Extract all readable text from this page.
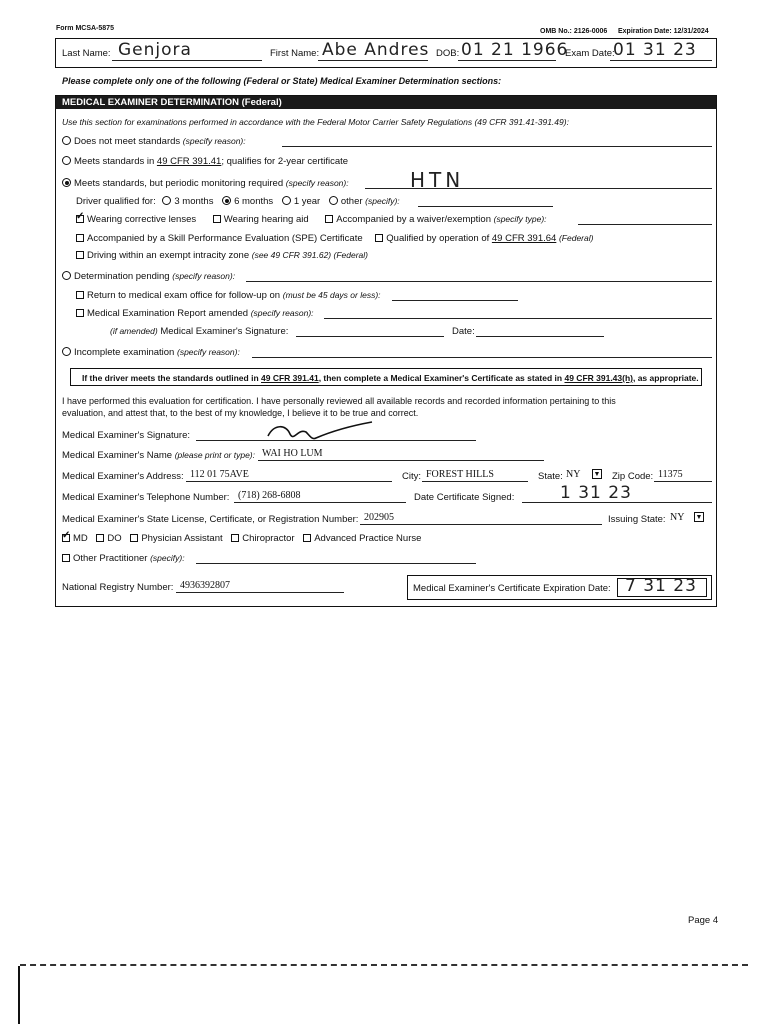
Form MCSA-5875	OMB No.: 2126-0006 Expiration Date: 12/31/2024
Last Name: Genjora	First Name: Abe Andres DOB: 01 21 1966
Exam Date:
01 31 23
Please complete only one of the following (Federal or State) Medical Examiner Determination sections:
MEDICAL EXAMINER DETERMINATION (Federal)
Use this section for examinations performed in accordance with the Federal Motor Carrier Safety Regulations (49 CFR 391.41-391.49):
Does not meet standards (specify reason):
Meets standards in 49 CFR 391.41; qualifies for 2-year certificate
Meets standards, but periodic monitoring required (specify reason):	HTN
Driver qualified for: 3 months 6 months 1 year other (specify):
✓Wearing corrective lenses	Wearing hearing aid	Accompanied by a waiver/exemption (specify type):
Accompanied by a Skill Performance Evaluation (SPE) Certificate Qualified by operation of 49 CFR 391.64 (Federal)
Driving within an exempt intracity zone (see 49 CFR 391.62) (Federal)
Determination pending (specify reason):
Return to medical exam office for follow-up on (must be 45 days or less):
Medical Examination Report amended (specify reason):
(if amended) Medical Examiner's Signature:	Date:
Incomplete examination (specify reason):
If the driver meets the standards outlined in 49 CFR 391.41, then complete a Medical Examiner's Certificate as stated in 49 CFR 391.43(h), as appropriate.
I have performed this evaluation for certification. I have personally reviewed all available records and recorded information pertaining to this
evaluation, and attest that, to the best of my knowledge, I believe it to be true and correct.
Medical Examiner's Signature:
Medical Examiner's Name (please print or type): WAI HO LUM
Medical Examiner's Address: 112 01 75AVE	City: FOREST HILLS	State: NY ▼ Zip Code: 11375
Medical Examiner's Telephone Number: (718) 268-6808	Date Certificate Signed:	1 31 23
Medical Examiner's State License, Certificate, or Registration Number: 202905	Issuing State: NY ▼
✓MD DO Physician Assistant Chiropractor Advanced Practice Nurse
Other Practitioner (specify):
National Registry Number: 4936392807	Medical Examiner's Certificate Expiration Date: 7 31 23
Page 4
